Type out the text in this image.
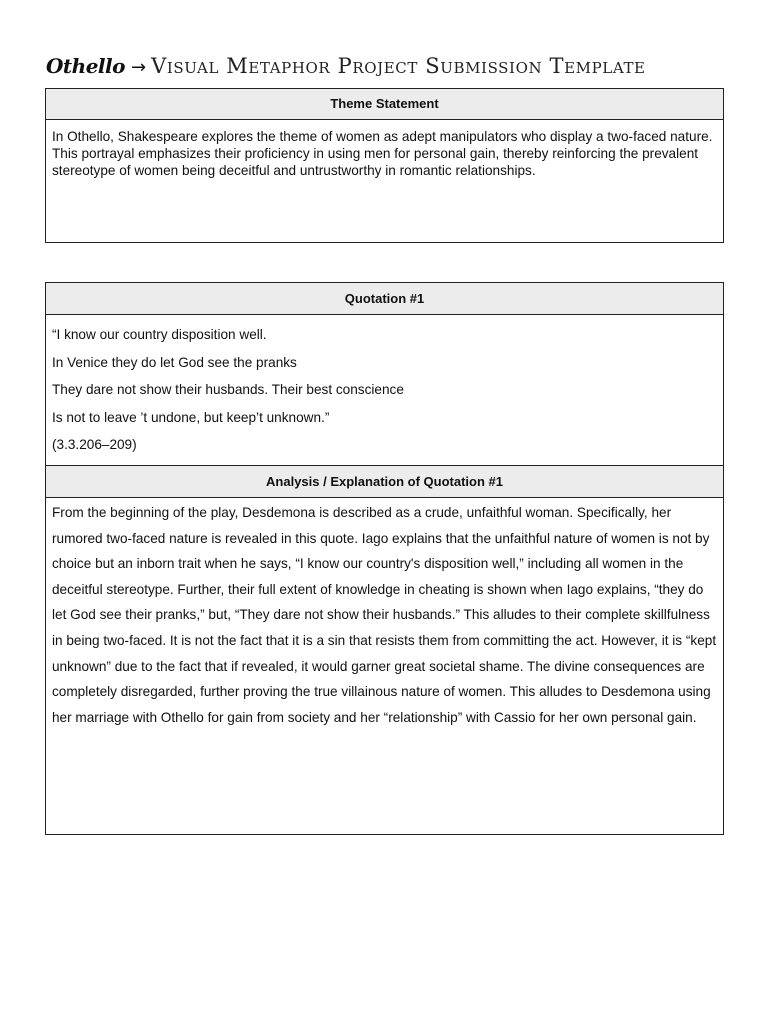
Othello → Visual Metaphor Project Submission Template
Theme Statement
In Othello, Shakespeare explores the theme of women as adept manipulators who display a two-faced nature. This portrayal emphasizes their proficiency in using men for personal gain, thereby reinforcing the prevalent stereotype of women being deceitful and untrustworthy in romantic relationships.
Quotation #1
“I know our country disposition well.
In Venice they do let God see the pranks
They dare not show their husbands. Their best conscience
Is not to leave ’t undone, but keep’t unknown.”
(3.3.206–209)
Analysis / Explanation of Quotation #1
From the beginning of the play, Desdemona is described as a crude, unfaithful woman. Specifically, her rumored two-faced nature is revealed in this quote. Iago explains that the unfaithful nature of women is not by choice but an inborn trait when he says, “I know our country's disposition well,” including all women in the deceitful stereotype. Further, their full extent of knowledge in cheating is shown when Iago explains, “they do let God see their pranks,” but, “They dare not show their husbands.” This alludes to their complete skillfulness in being two-faced. It is not the fact that it is a sin that resists them from committing the act. However, it is “kept unknown” due to the fact that if revealed, it would garner great societal shame. The divine consequences are completely disregarded, further proving the true villainous nature of women. This alludes to Desdemona using her marriage with Othello for gain from society and her “relationship” with Cassio for her own personal gain.
